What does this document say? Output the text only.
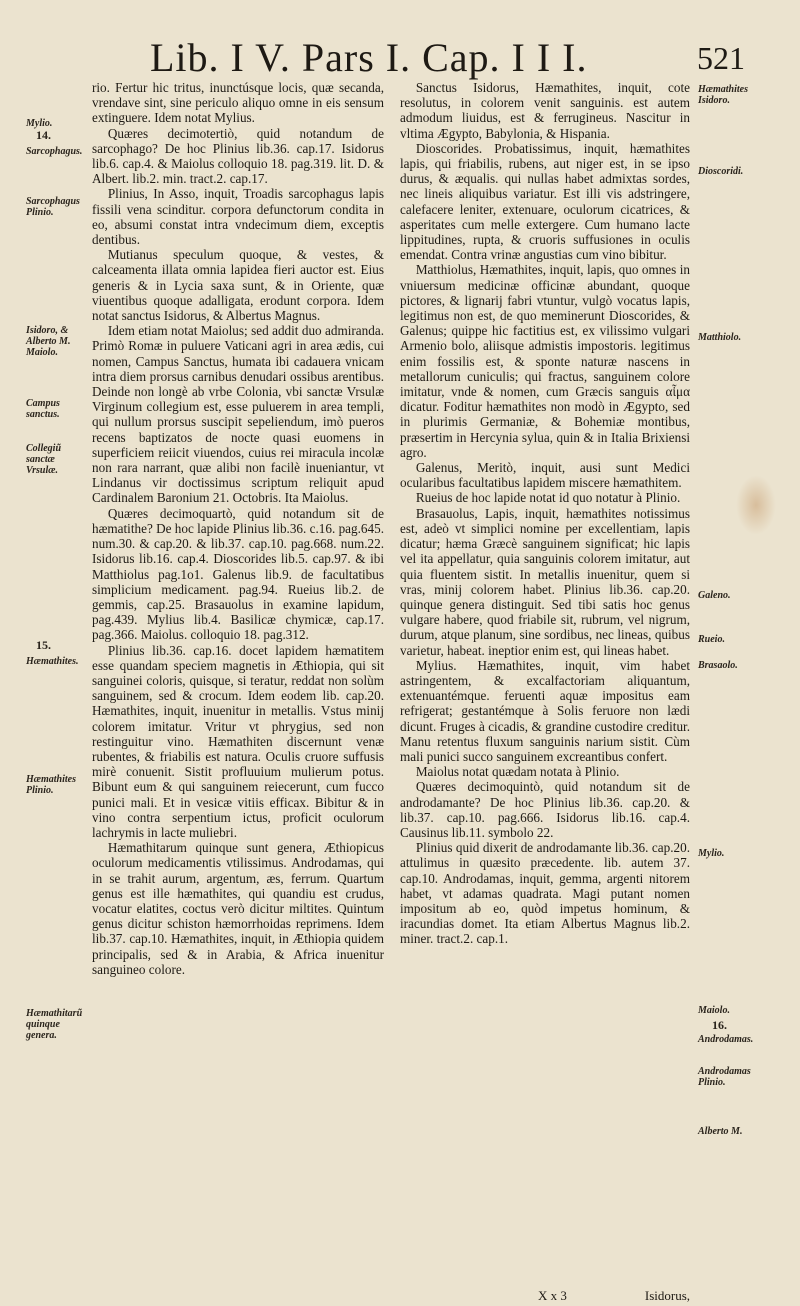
Lib. I V. Pars I. Cap. I I I.	521

rio. Fertur hic tritus, inunctúsque locis, quæ secanda, vrendave sint, sine periculo aliquo omne in eis sensum extinguere. Idem notat Mylius.

Quæres decimotertiò, quid notandum de sarcophago? De hoc Plinius lib.36. cap.17. Isidorus lib.6. cap.4. & Maiolus colloquio 18. pag.319. lit. D. & Albert. lib.2. min. tract.2. cap.17.

Plinius, In Asso, inquit, Troadis sarcophagus lapis fissili vena scinditur. corpora defunctorum condita in eo, absumi constat intra vndecimum diem, exceptis dentibus.

Mutianus speculum quoque, & vestes, & calceamenta illata omnia lapidea fieri auctor est. Eius generis & in Lycia saxa sunt, & in Oriente, quæ viuentibus quoque adalligata, erodunt corpora. Idem notat sanctus Isidorus, & Albertus Magnus.

Idem etiam notat Maiolus; sed addit duo admiranda. Primò Romæ in puluere Vaticani agri in area ædis, cui nomen, Campus Sanctus, humata ibi cadauera vnicam intra diem prorsus carnibus denudari ossibus arentibus. Deinde non longè ab vrbe Colonia, vbi sanctæ Vrsulæ Virginum collegium est, esse puluerem in area templi, qui nullum prorsus suscipit sepeliendum, imò pueros recens baptizatos de nocte quasi euomens in superficiem reiicit viuendos, cuius rei miracula incolæ non rara narrant, quæ alibi non facilè inueniantur, vt Lindanus vir doctissimus scriptum reliquit apud Cardinalem Baronium 21. Octobris. Ita Maiolus.

Quæres decimoquartò, quid notandum sit de hæmatithe? De hoc lapide Plinius lib.36. c.16. pag.645. num.30. & cap.20. & lib.37. cap.10. pag.668. num.22. Isidorus lib.16. cap.4. Dioscorides lib.5. cap.97. & ibi Matthiolus pag.1o1. Galenus lib.9. de facultatibus simplicium medicament. pag.94. Rueius lib.2. de gemmis, cap.25. Brasauolus in examine lapidum, pag.439. Mylius lib.4. Basilicæ chymicæ, cap.17. pag.366. Maiolus. colloquio 18. pag.312.

Plinius lib.36. cap.16. docet lapidem hæmatitem esse quandam speciem magnetis in Æthiopia, qui sit sanguinei coloris, quisque, si teratur, reddat non solùm sanguinem, sed & crocum. Idem eodem lib. cap.20. Hæmathites, inquit, inuenitur in metallis. Vstus minij colorem imitatur. Vritur vt phrygius, sed non restinguitur vino. Hæmathiten discernunt venæ rubentes, & friabilis est natura. Oculis cruore suffusis mirè conuenit. Sistit profluuium mulierum potus. Bibunt eum & qui sanguinem reiecerunt, cum fucco punici mali. Et in vesicæ vitiis efficax. Bibitur & in vino contra serpentium ictus, proficit oculorum lachrymis in lacte muliebri.

Hæmathitarum quinque sunt genera, Æthiopicus oculorum medicamentis vtilissimus. Androdamas, qui in se trahit aurum, argentum, æs, ferrum. Quartum genus est ille hæmathites, qui quandiu est crudus, vocatur elatites, coctus verò dicitur miltites. Quintum genus dicitur schiston hæmorrhoidas reprimens. Idem lib.37. cap.10. Hæmathites, inquit, in Æthiopia quidem principalis, sed & in Arabia, & Africa inuenitur sanguineo colore.

Sanctus Isidorus, Hæmathites, inquit, cote resolutus, in colorem venit sanguinis. est autem admodum liuidus, est & ferrugineus. Nascitur in vltima Ægypto, Babylonia, & Hispania.

Dioscorides. Probatissimus, inquit, hæmathites lapis, qui friabilis, rubens, aut niger est, in se ipso durus, & æqualis. qui nullas habet admixtas sordes, nec lineis aliquibus variatur. Est illi vis adstringere, calefacere leniter, extenuare, oculorum cicatrices, & asperitates cum melle extergere. Cum humano lacte lippitudines, rupta, & cruoris suffusiones in oculis emendat. Contra vrinæ angustias cum vino bibitur.

Matthiolus, Hæmathites, inquit, lapis, quo omnes in vniuersum medicinæ officinæ abundant, quoque pictores, & lignarij fabri vtuntur, vulgò vocatus lapis, legitimus non est, de quo meminerunt Dioscorides, & Galenus; quippe hic factitius est, ex vilissimo vulgari Armenio bolo, aliisque admistis impostoris. legitimus enim fossilis est, & sponte naturæ nascens in metallorum cuniculis; qui fractus, sanguinem colore imitatur, vnde & nomen, cum Græcis sanguis αἷμα dicatur. Foditur hæmathites non modò in Ægypto, sed in plurimis Germaniæ, & Bohemiæ montibus, præsertim in Hercynia sylua, quin & in Italia Brixiensi agro.

Galenus, Meritò, inquit, ausi sunt Medici ocularibus facultatibus lapidem miscere hæmathitem.

Rueius de hoc lapide notat id quo notatur à Plinio.

Brasauolus, Lapis, inquit, hæmathites notissimus est, adeò vt simplici nomine per excellentiam, lapis dicatur; hæma Græcè sanguinem significat; hic lapis vel ita appellatur, quia sanguinis colorem imitatur, aut quia fluentem sistit. In metallis inuenitur, quem si vras, minij colorem habet. Plinius lib.36. cap.20. quinque genera distinguit. Sed tibi satis hoc genus vulgare habere, quod friabile sit, rubrum, vel nigrum, durum, atque planum, sine sordibus, nec lineas, quibus varietur, habeat. ineptior enim est, qui lineas habet.

Mylius. Hæmathites, inquit, vim habet astringentem, & excalfactoriam aliquantum, extenuantémque. feruenti aquæ impositus eam refrigerat; gestantémque à Solis feruore non lædi dicunt. Fruges à cicadis, & grandine custodire creditur. Manu retentus fluxum sanguinis narium sistit. Cùm mali punici succo sanguinem excreantibus confert.

Maiolus notat quædam notata à Plinio.

Quæres decimoquintò, quid notandum sit de androdamante? De hoc Plinius lib.36. cap.20. & lib.37. cap.10. pag.666. Isidorus lib.16. cap.4. Causinus lib.11. symbolo 22.

Plinius quid dixerit de androdamante lib.36. cap.20. attulimus in quæsito præcedente. lib. autem 37. cap.10. Androdamas, inquit, gemma, argenti nitorem habet, vt adamas quadrata. Magi putant nomen impositum ab eo, quòd impetus hominum, & iracundias domet. Ita etiam Albertus Magnus lib.2. miner. tract.2. cap.1.

Mylio.
14.
Sarcophagus.
Sarcophagus Plinio.
Isidoro, & Alberto M. Maiolo.
Campus sanctus.
Collegiũ sanctæ Vrsulæ.
15.
Hæmathites.
Hæmathites Plinio.
Hæmathitarũ quinque genera.
Hæmathites Isidoro.
Dioscoridi.
Matthiolo.
Galeno.
Rueio.
Brasaolo.
Mylio.
Maiolo.
16.
Androdamas.
Androdamas Plinio.
Alberto M.
X x 3	Isidorus,
